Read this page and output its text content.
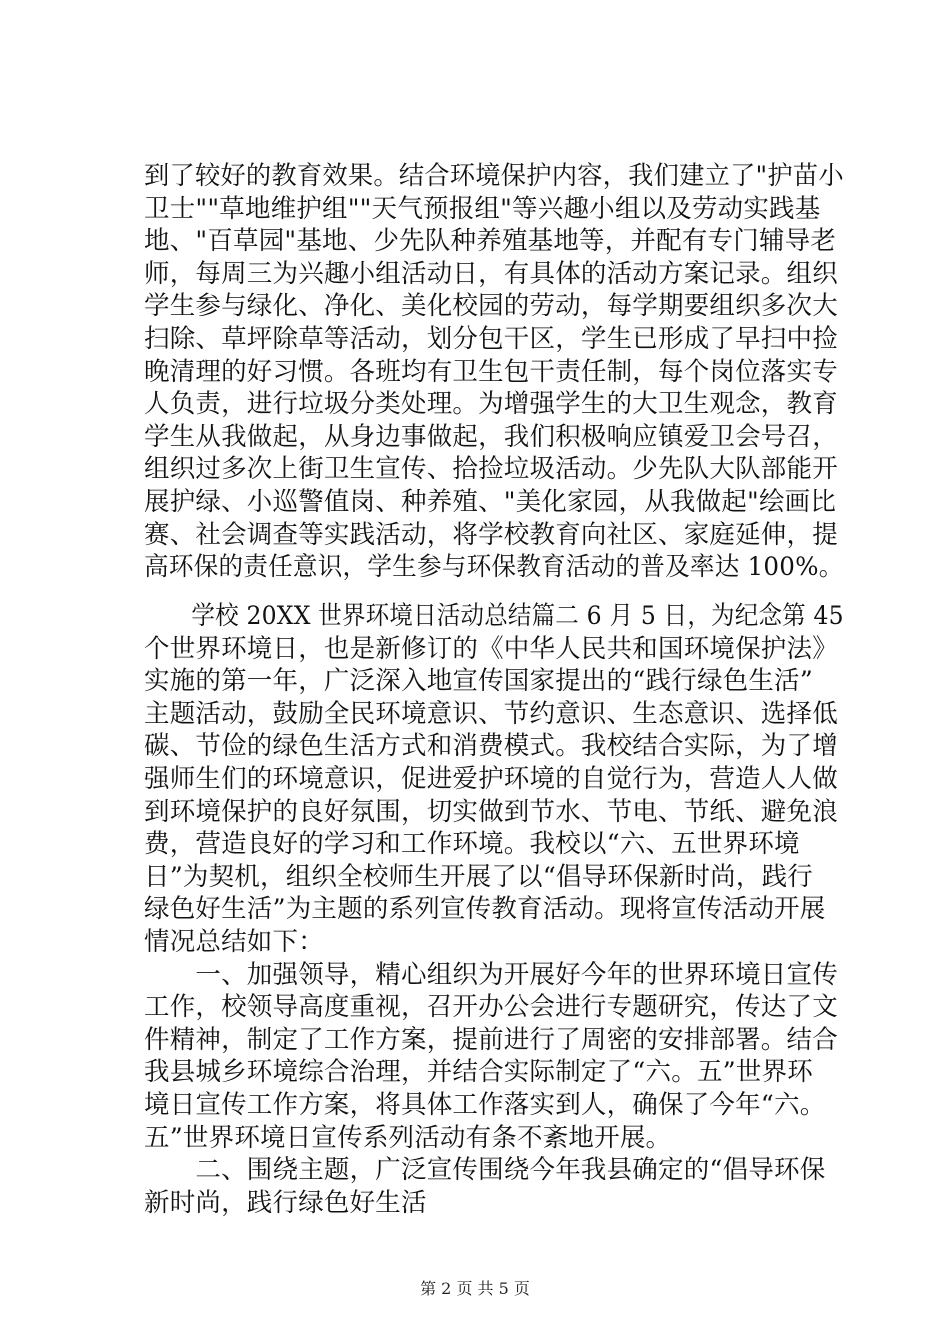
到了较好的教育效果。结合环境保护内容，我们建立了"护苗小
卫士""草地维护组""天气预报组"等兴趣小组以及劳动实践基
地、"百草园"基地、少先队种养殖基地等，并配有专门辅导老
师，每周三为兴趣小组活动日，有具体的活动方案记录。组织
学生参与绿化、净化、美化校园的劳动，每学期要组织多次大
扫除、草坪除草等活动，划分包干区，学生已形成了早扫中捡
晚清理的好习惯。各班均有卫生包干责任制，每个岗位落实专
人负责，进行垃圾分类处理。为增强学生的大卫生观念，教育
学生从我做起，从身边事做起，我们积极响应镇爱卫会号召，
组织过多次上街卫生宣传、拾捡垃圾活动。少先队大队部能开
展护绿、小巡警值岗、种养殖、"美化家园，从我做起"绘画比
赛、社会调查等实践活动，将学校教育向社区、家庭延伸，提
高环保的责任意识，学生参与环保教育活动的普及率达 100%。
　　学校 20XX 世界环境日活动总结篇二 6 月 5 日，为纪念第 45
个世界环境日，也是新修订的《中华人民共和国环境保护法》
实施的第一年，广泛深入地宣传国家提出的“践行绿色生活”
主题活动，鼓励全民环境意识、节约意识、生态意识、选择低
碳、节俭的绿色生活方式和消费模式。我校结合实际，为了增
强师生们的环境意识，促进爱护环境的自觉行为，营造人人做
到环境保护的良好氛围，切实做到节水、节电、节纸、避免浪
费，营造良好的学习和工作环境。我校以“六、五世界环境
日”为契机，组织全校师生开展了以“倡导环保新时尚，践行
绿色好生活”为主题的系列宣传教育活动。现将宣传活动开展
情况总结如下：
　　一、加强领导，精心组织为开展好今年的世界环境日宣传
工作，校领导高度重视，召开办公会进行专题研究，传达了文
件精神，制定了工作方案，提前进行了周密的安排部署。结合
我县城乡环境综合治理，并结合实际制定了“六。五”世界环
境日宣传工作方案，将具体工作落实到人，确保了今年“六。
五”世界环境日宣传系列活动有条不紊地开展。
　　二、围绕主题，广泛宣传围绕今年我县确定的“倡导环保
新时尚，践行绿色好生活
第 2 页 共 5 页
